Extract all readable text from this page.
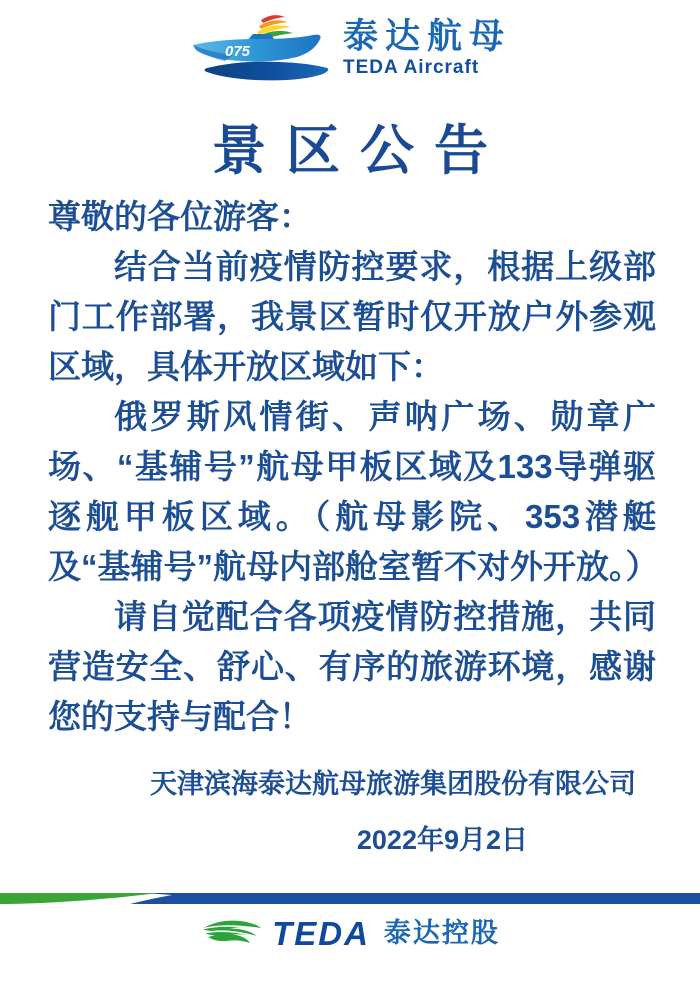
075	泰达航母
TEDA Aircraft
景区公告

尊敬的各位游客：

结合当前疫情防控要求，根据上级部门工作部署，我景区暂时仅开放户外参观区域，具体开放区域如下：

俄罗斯风情街、声呐广场、勋章广场、“基辅号”航母甲板区域及133导弹驱逐舰甲板区域。（航母影院、353潜艇及“基辅号”航母内部舱室暂不对外开放。）

请自觉配合各项疫情防控措施，共同营造安全、舒心、有序的旅游环境，感谢您的支持与配合！

天津滨海泰达航母旅游集团股份有限公司
2022年9月2日
TEDA 泰达控股
